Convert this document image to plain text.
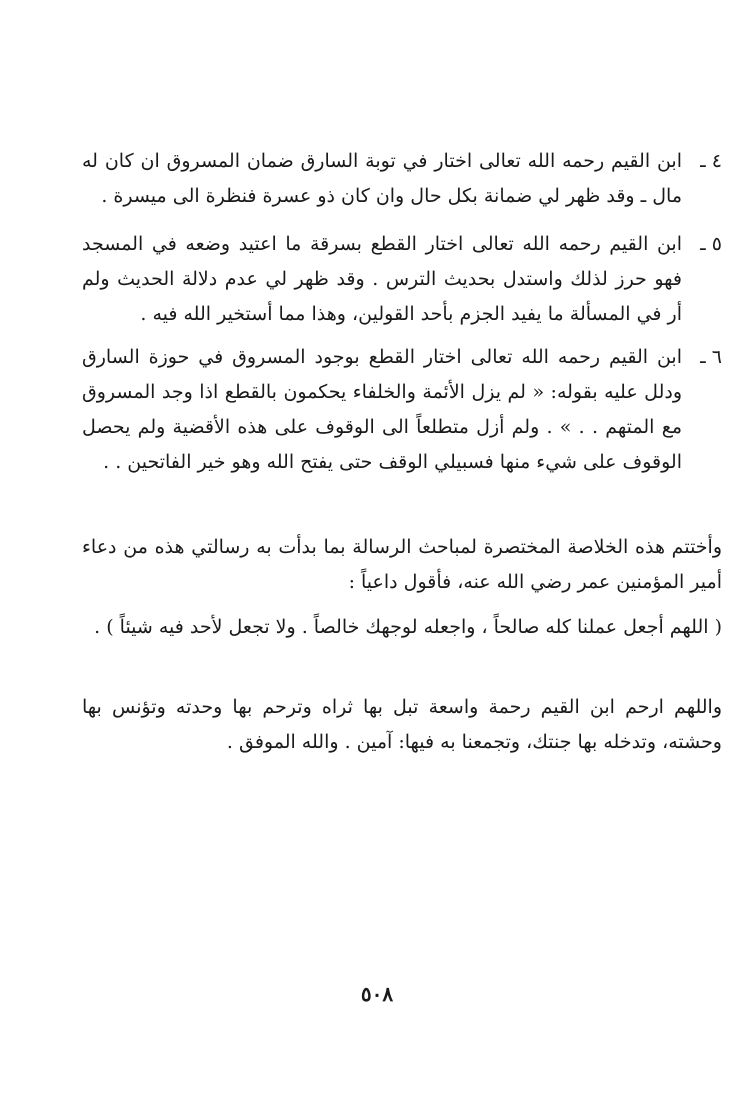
٤ ـ
ابن القيم رحمه الله تعالى اختار في توبة السارق ضمان المسروق ان كان له مال ـ وقد ظهر لي ضمانة بكل حال وان كان ذو عسرة فنظرة الى ميسرة .
٥ ـ
ابن القيم رحمه الله تعالى اختار القطع بسرقة ما اعتيد وضعه في المسجد فهو حرز لذلك واستدل بحديث الترس . وقد ظهر لي عدم دلالة الحديث ولم أر في المسألة ما يفيد الجزم بأحد القولين، وهذا مما أستخير الله فيه .
٦ ـ
ابن القيم رحمه الله تعالى اختار القطع بوجود المسروق في حوزة السارق ودلل عليه بقوله: « لم يزل الأئمة والخلفاء يحكمون بالقطع اذا وجد المسروق مع المتهم . . » . ولم أزل متطلعاً الى الوقوف على هذه الأقضية ولم يحصل الوقوف على شيء منها فسبيلي الوقف حتى يفتح الله وهو خير الفاتحين . .
وأختتم هذه الخلاصة المختصرة لمباحث الرسالة بما بدأت به رسالتي هذه من دعاء أمير المؤمنين عمر رضي الله عنه، فأقول داعياً :
( اللهم أجعل عملنا كله صالحاً ، واجعله لوجهك خالصاً . ولا تجعل لأحد فيه شيئاً ) .
واللهم ارحم ابن القيم رحمة واسعة تبل بها ثراه وترحم بها وحدته وتؤنس بها وحشته، وتدخله بها جنتك، وتجمعنا به فيها: آمين . والله الموفق .
٥٠٨
